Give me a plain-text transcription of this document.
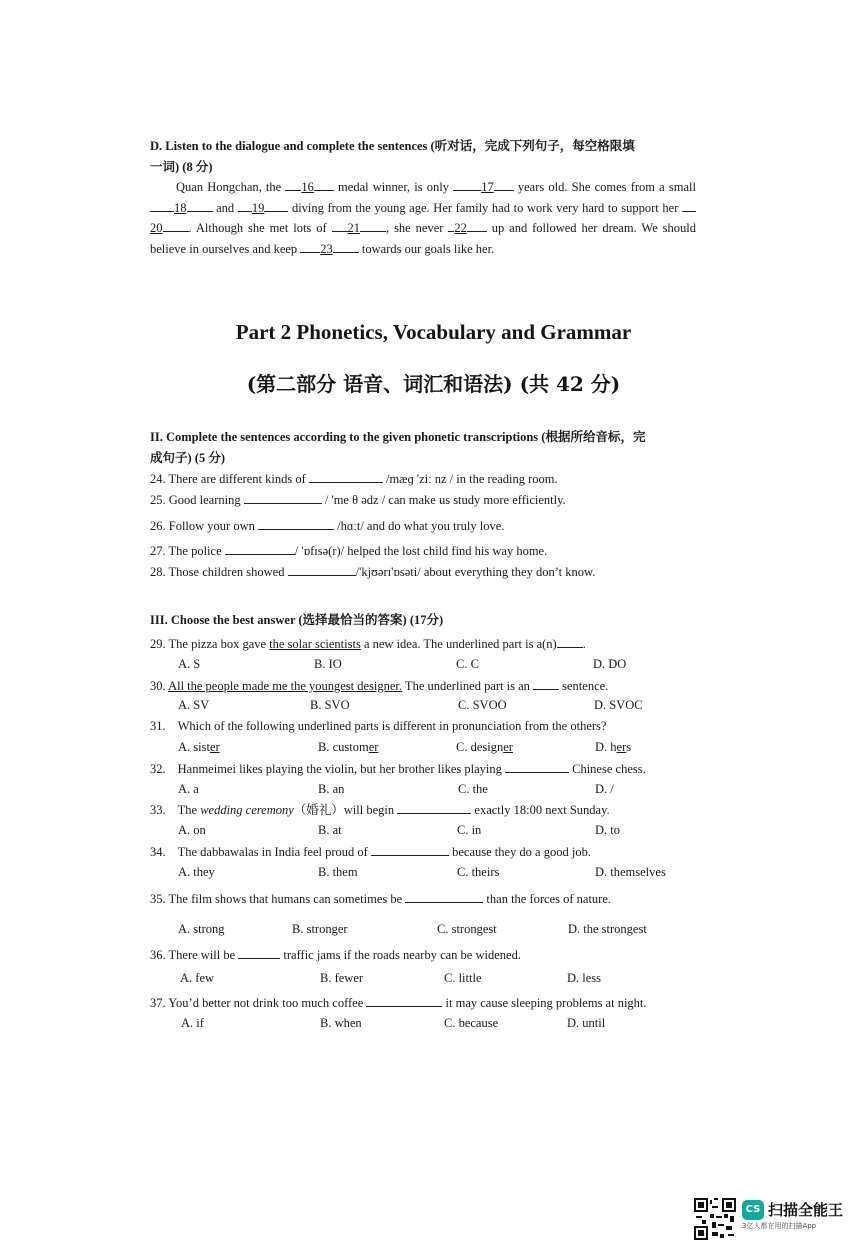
D. Listen to the dialogue and complete the sentences (听对话，完成下列句子，每空格限填
一词) (8 分)
Quan Hongchan, the 16 medal winner, is only 17 years old. She comes from a small 18 and 19 diving from the young age. Her family had to work very hard to support her 20 . Although she met lots of 21 , she never 22 up and followed her dream. We should believe in ourselves and keep 23 towards our goals like her.
Part 2 Phonetics, Vocabulary and Grammar
(第二部分 语音、词汇和语法) (共 42 分)
II. Complete the sentences according to the given phonetic transcriptions (根据所给音标，完
成句子) (5 分)
24. There are different kinds of	/mæɡ 'ziː nz / in the reading room.
25. Good learning	/ 'me θ ədz / can make us study more efficiently.
26. Follow your own	/hɑːt/ and do what you truly love.
27. The police	/ 'ɒfɪsə(r)/ helped the lost child find his way home.
28. Those children showed	/'kjʊərɪ'ɒsəti/ about everything they don’t know.
III. Choose the best answer (选择最恰当的答案) (17分)
29. The pizza box gave the solar scientists a new idea. The underlined part is a(n) .
A. S	B. IO	C. C	D. DO
30. All the people made me the youngest designer. The underlined part is an  sentence.
A. SV	B. SVO	C. SVOO	D. SVOC
31. Which of the following underlined parts is different in pronunciation from the others?
A. sister	B. customer	C. designer	D. hers
32. Hanmeimei likes playing the violin, but her brother likes playing	Chinese chess.
A. a	B. an	C. the	D. /
33. The wedding ceremony（婚礼）will begin	exactly 18:00 next Sunday.
A. on	B. at	C. in	D. to
34. The dabbawalas in India feel proud of	because they do a good job.
A. they	B. them	C. theirs	D. themselves
35. The film shows that humans can sometimes be	than the forces of nature.
A. strong	B. stronger	C. strongest	D. the strongest
36. There will be	traffic jams if the roads nearby can be widened.
A. few	B. fewer	C. little	D. less
37. You’d better not drink too much coffee	it may cause sleeping problems at night.
A. if	B. when	C. because	D. until
CS 扫描全能王
3亿人都在用的扫描App
